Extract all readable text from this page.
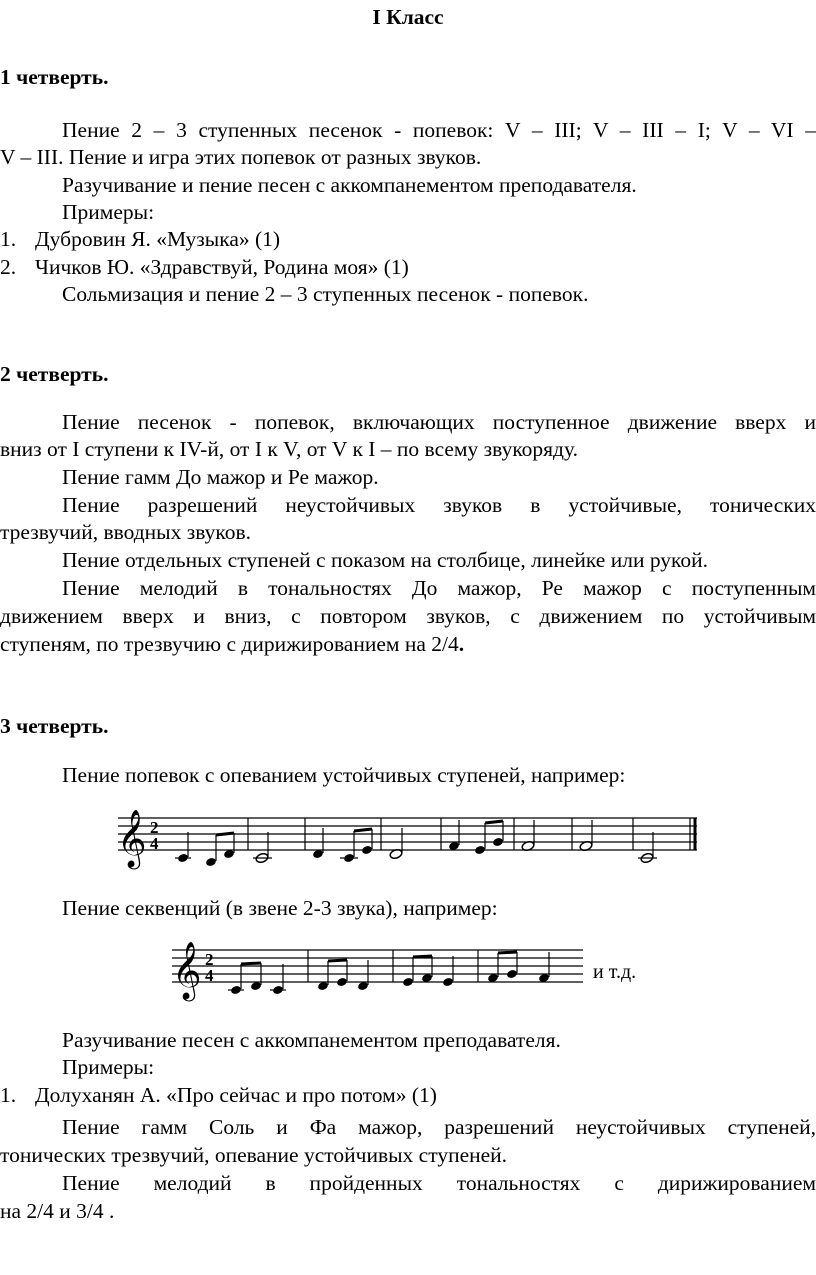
I Класс
1 четверть.
Пение 2 – 3 ступенных песенок - попевок: V – III; V – III – I; V – VI –
V – III. Пение и игра этих попевок от разных звуков.
Разучивание и пение песен с аккомпанементом преподавателя.
Примеры:
1. Дубровин Я. «Музыка» (1)
2. Чичков Ю. «Здравствуй, Родина моя» (1)
Сольмизация и пение 2 – 3 ступенных песенок - попевок.
2 четверть.
Пение песенок - попевок, включающих поступенное движение вверх и
вниз от I ступени к IV-й, от I к V, от V к I – по всему звукоряду.
Пение гамм До мажор и Ре мажор.
Пение разрешений неустойчивых звуков в устойчивые, тонических
трезвучий, вводных звуков.
Пение отдельных ступеней с показом на столбице, линейке или рукой.
Пение мелодий в тональностях До мажор, Ре мажор с поступенным
движением вверх и вниз, с повтором звуков, с движением по устойчивым
ступеням, по трезвучию с дирижированием на 2/4.
3 четверть.
Пение попевок с опеванием устойчивых ступеней, например:
𝄞 2
4
Пение секвенций (в звене 2-3 звука), например:
𝄞 2
4	и т.д.
Разучивание песен с аккомпанементом преподавателя.
Примеры:
1. Долуханян А. «Про сейчас и про потом» (1)
Пение гамм Соль и Фа мажор, разрешений неустойчивых ступеней,
тонических трезвучий, опевание устойчивых ступеней.
Пение мелодий в пройденных тональностях с дирижированием
на 2/4 и 3/4 .
